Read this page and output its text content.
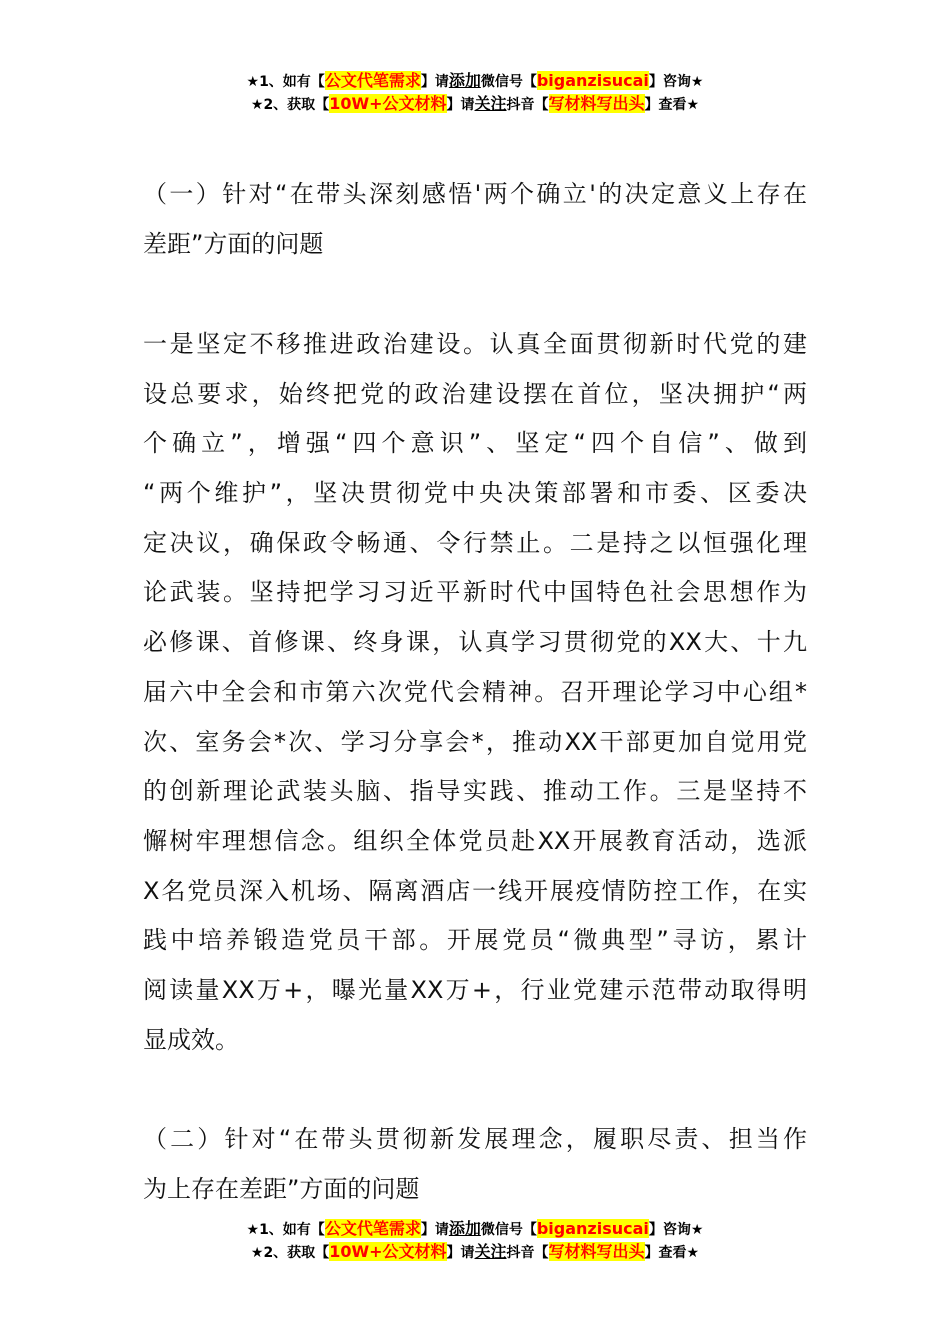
★1、如有【公文代笔需求】请添加微信号【biganzisucai】咨询★
★2、获取【10W+公文材料】请关注抖音【写材料写出头】查看★
（一）针对“在带头深刻感悟'两个确立'的决定意义上存在
差距”方面的问题
一是坚定不移推进政治建设。认真全面贯彻新时代党的建
设总要求，始终把党的政治建设摆在首位，坚决拥护“两
个确立”，增强“四个意识”、坚定“四个自信”、做到
“两个维护”，坚决贯彻党中央决策部署和市委、区委决
定决议，确保政令畅通、令行禁止。二是持之以恒强化理
论武装。坚持把学习习近平新时代中国特色社会思想作为
必修课、首修课、终身课，认真学习贯彻党的XX大、十九
届六中全会和市第六次党代会精神。召开理论学习中心组*
次、室务会*次、学习分享会*，推动XX干部更加自觉用党
的创新理论武装头脑、指导实践、推动工作。三是坚持不
懈树牢理想信念。组织全体党员赴XX开展教育活动，选派
X名党员深入机场、隔离酒店一线开展疫情防控工作，在实
践中培养锻造党员干部。开展党员“微典型”寻访，累计
阅读量XX万+，曝光量XX万+，行业党建示范带动取得明
显成效。
（二）针对“在带头贯彻新发展理念，履职尽责、担当作
为上存在差距”方面的问题
★1、如有【公文代笔需求】请添加微信号【biganzisucai】咨询★
★2、获取【10W+公文材料】请关注抖音【写材料写出头】查看★
